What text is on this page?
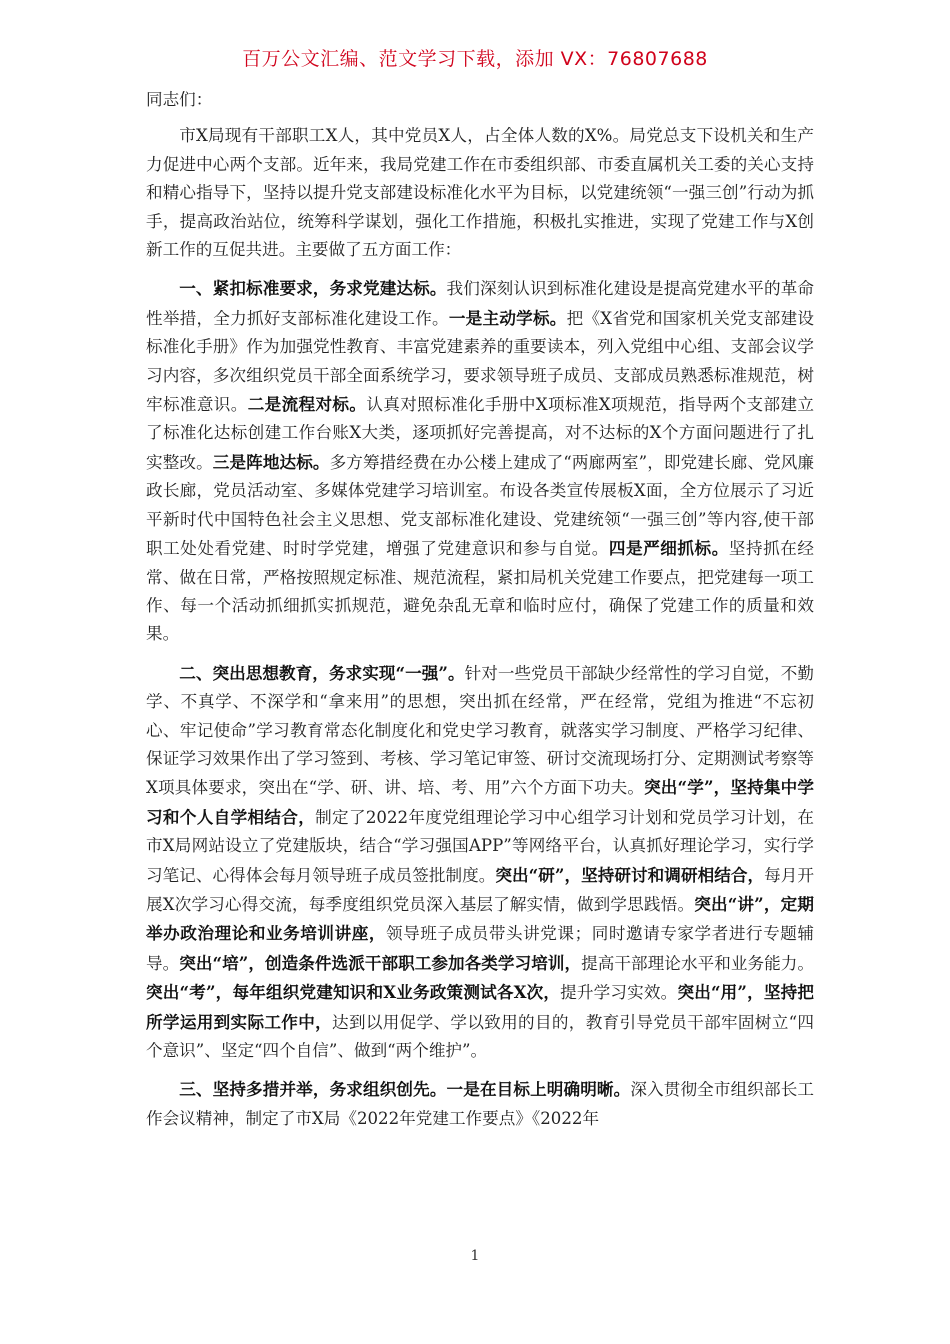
百万公文汇编、范文学习下载，添加 VX：76807688

同志们：

市X局现有干部职工X人，其中党员X人，占全体人数的X%。局党总支下设机关和生产力促进中心两个支部。近年来，我局党建工作在市委组织部、市委直属机关工委的关心支持和精心指导下，坚持以提升党支部建设标准化水平为目标，以党建统领“一强三创”行动为抓手，提高政治站位，统筹科学谋划，强化工作措施，积极扎实推进，实现了党建工作与X创新工作的互促共进。主要做了五方面工作：

一、紧扣标准要求，务求党建达标。我们深刻认识到标准化建设是提高党建水平的革命性举措，全力抓好支部标准化建设工作。一是主动学标。把《X省党和国家机关党支部建设标准化手册》作为加强党性教育、丰富党建素养的重要读本，列入党组中心组、支部会议学习内容，多次组织党员干部全面系统学习，要求领导班子成员、支部成员熟悉标准规范，树牢标准意识。二是流程对标。认真对照标准化手册中X项标准X项规范，指导两个支部建立了标准化达标创建工作台账X大类，逐项抓好完善提高，对不达标的X个方面问题进行了扎实整改。三是阵地达标。多方筹措经费在办公楼上建成了“两廊两室”，即党建长廊、党风廉政长廊，党员活动室、多媒体党建学习培训室。布设各类宣传展板X面，全方位展示了习近平新时代中国特色社会主义思想、党支部标准化建设、党建统领“一强三创”等内容,使干部职工处处看党建、时时学党建，增强了党建意识和参与自觉。四是严细抓标。坚持抓在经常、做在日常，严格按照规定标准、规范流程，紧扣局机关党建工作要点，把党建每一项工作、每一个活动抓细抓实抓规范，避免杂乱无章和临时应付，确保了党建工作的质量和效果。

二、突出思想教育，务求实现“一强”。针对一些党员干部缺少经常性的学习自觉，不勤学、不真学、不深学和“拿来用”的思想，突出抓在经常，严在经常，党组为推进“不忘初心、牢记使命”学习教育常态化制度化和党史学习教育，就落实学习制度、严格学习纪律、保证学习效果作出了学习签到、考核、学习笔记审签、研讨交流现场打分、定期测试考察等X项具体要求，突出在“学、研、讲、培、考、用”六个方面下功夫。突出“学”，坚持集中学习和个人自学相结合，制定了2022年度党组理论学习中心组学习计划和党员学习计划，在市X局网站设立了党建版块，结合“学习强国APP”等网络平台，认真抓好理论学习，实行学习笔记、心得体会每月领导班子成员签批制度。突出“研”，坚持研讨和调研相结合，每月开展X次学习心得交流，每季度组织党员深入基层了解实情，做到学思践悟。突出“讲”，定期举办政治理论和业务培训讲座，领导班子成员带头讲党课；同时邀请专家学者进行专题辅导。突出“培”，创造条件选派干部职工参加各类学习培训，提高干部理论水平和业务能力。突出“考”，每年组织党建知识和X业务政策测试各X次，提升学习实效。突出“用”，坚持把所学运用到实际工作中，达到以用促学、学以致用的目的，教育引导党员干部牢固树立“四个意识”、坚定“四个自信”、做到“两个维护”。

三、坚持多措并举，务求组织创先。一是在目标上明确明晰。深入贯彻全市组织部长工作会议精神，制定了市X局《2022年党建工作要点》《2022年

1
